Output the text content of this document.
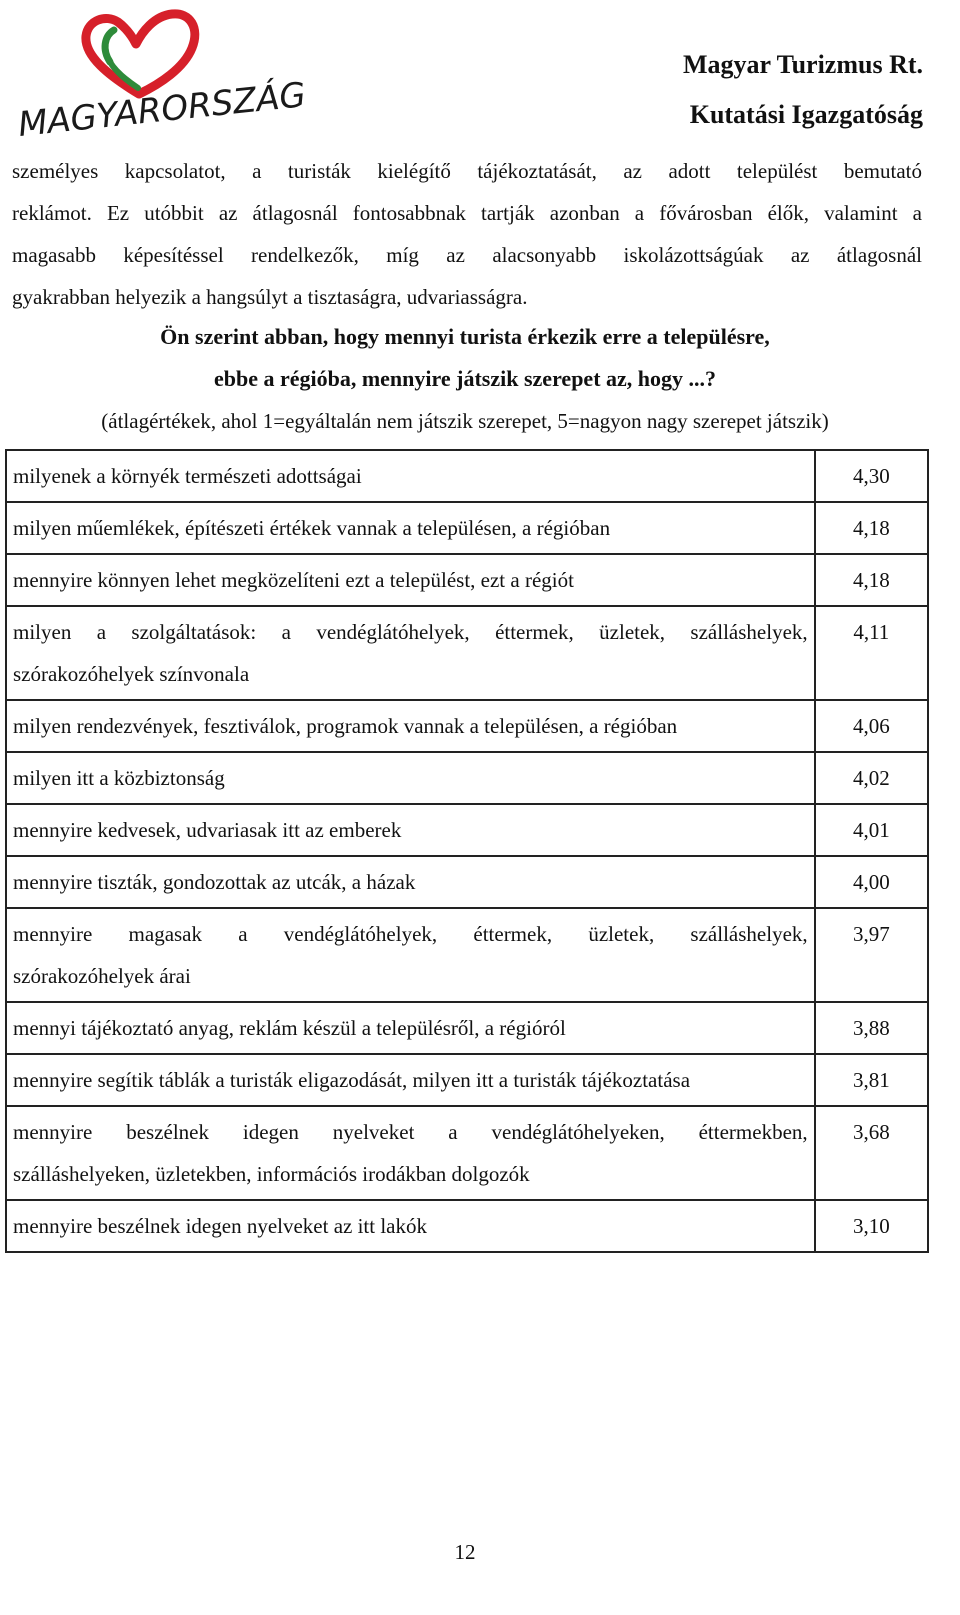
MAGYARORSZÁG
Magyar Turizmus Rt.
Kutatási Igazgatóság
személyes kapcsolatot, a turisták kielégítő tájékoztatását, az adott települést bemutató
reklámot. Ez utóbbit az átlagosnál fontosabbnak tartják azonban a fővárosban élők, valamint a
magasabb képesítéssel rendelkezők, míg az alacsonyabb iskolázottságúak az átlagosnál
gyakrabban helyezik a hangsúlyt a tisztaságra, udvariasságra.
Ön szerint abban, hogy mennyi turista érkezik erre a településre,
ebbe a régióba, mennyire játszik szerepet az, hogy ...?
(átlagértékek, ahol 1=egyáltalán nem játszik szerepet, 5=nagyon nagy szerepet játszik)
milyenek a környék természeti adottságai	4,30
milyen műemlékek, építészeti értékek vannak a településen, a régióban	4,18
mennyire könnyen lehet megközelíteni ezt a települést, ezt a régiót	4,18

milyen a szolgáltatások: a vendéglátóhelyek, éttermek, üzletek, szálláshelyek,
szórakozóhelyek színvonala	4,11
milyen rendezvények, fesztiválok, programok vannak a településen, a régióban	4,06
milyen itt a közbiztonság	4,02
mennyire kedvesek, udvariasak itt az emberek	4,01
mennyire tiszták, gondozottak az utcák, a házak	4,00

mennyire magasak a vendéglátóhelyek, éttermek, üzletek, szálláshelyek,
szórakozóhelyek árai	3,97
mennyi tájékoztató anyag, reklám készül a településről, a régióról	3,88
mennyire segítik táblák a turisták eligazodását, milyen itt a turisták tájékoztatása	3,81

mennyire beszélnek idegen nyelveket a vendéglátóhelyeken, éttermekben,
szálláshelyeken, üzletekben, információs irodákban dolgozók	3,68
mennyire beszélnek idegen nyelveket az itt lakók	3,10
12
